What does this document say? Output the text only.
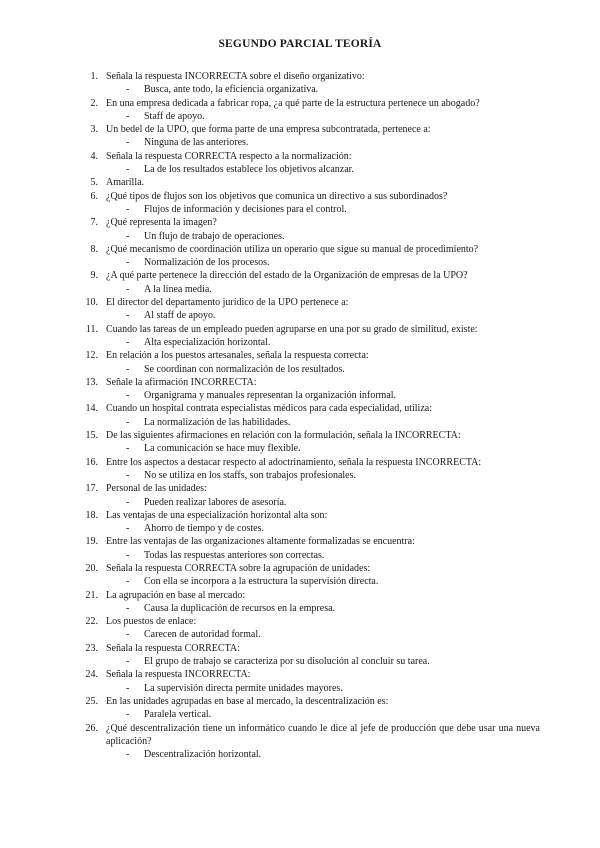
SEGUNDO PARCIAL TEORÍA
1. Señala la respuesta INCORRECTA sobre el diseño organizativo:
- Busca, ante todo, la eficiencia organizativa.
2. En una empresa dedicada a fabricar ropa, ¿a qué parte de la estructura pertenece un abogado?
- Staff de apoyo.
3. Un bedel de la UPO, que forma parte de una empresa subcontratada, pertenece a:
- Ninguna de las anteriores.
4. Señala la respuesta CORRECTA respecto a la normalización:
- La de los resultados establece los objetivos alcanzar.
5. Amarilla.
6. ¿Qué tipos de flujos son los objetivos que comunica un directivo a sus subordinados?
- Flujos de información y decisiones para el control.
7. ¿Qué representa la imagen?
- Un flujo de trabajo de operaciones.
8. ¿Qué mecanismo de coordinación utiliza un operario que sigue su manual de procedimiento?
- Normalización de los procesos.
9. ¿A qué parte pertenece la dirección del estado de la Organización de empresas de la UPO?
- A la línea media.
10. El director del departamento jurídico de la UPO pertenece a:
- Al staff de apoyo.
11. Cuando las tareas de un empleado pueden agruparse en una por su grado de similitud, existe:
- Alta especialización horizontal.
12. En relación a los puestos artesanales, señala la respuesta correcta:
- Se coordinan con normalización de los resultados.
13. Señale la afirmación INCORRECTA:
- Organigrama y manuales representan la organización informal.
14. Cuando un hospital contrata especialistas médicos para cada especialidad, utiliza:
- La normalización de las habilidades.
15. De las siguientes afirmaciones en relación con la formulación, señala la INCORRECTA:
- La comunicación se hace muy flexible.
16. Entre los aspectos a destacar respecto al adoctrinamiento, señala la respuesta INCORRECTA:
- No se utiliza en los staffs, son trabajos profesionales.
17. Personal de las unidades:
- Pueden realizar labores de asesoría.
18. Las ventajas de una especialización horizontal alta son:
- Ahorro de tiempo y de costes.
19. Entre las ventajas de las organizaciones altamente formalizadas se encuentra:
- Todas las respuestas anteriores son correctas.
20. Señala la respuesta CORRECTA sobre la agrupación de unidades:
- Con ella se incorpora a la estructura la supervisión directa.
21. La agrupación en base al mercado:
- Causa la duplicación de recursos en la empresa.
22. Los puestos de enlace:
- Carecen de autoridad formal.
23. Señala la respuesta CORRECTA:
- El grupo de trabajo se caracteriza por su disolución al concluir su tarea.
24. Señala la respuesta INCORRECTA:
- La supervisión directa permite unidades mayores.
25. En las unidades agrupadas en base al mercado, la descentralización es:
- Paralela vertical.
26. ¿Qué descentralización tiene un informático cuando le dice al jefe de producción que debe usar una nueva aplicación?
- Descentralización horizontal.
